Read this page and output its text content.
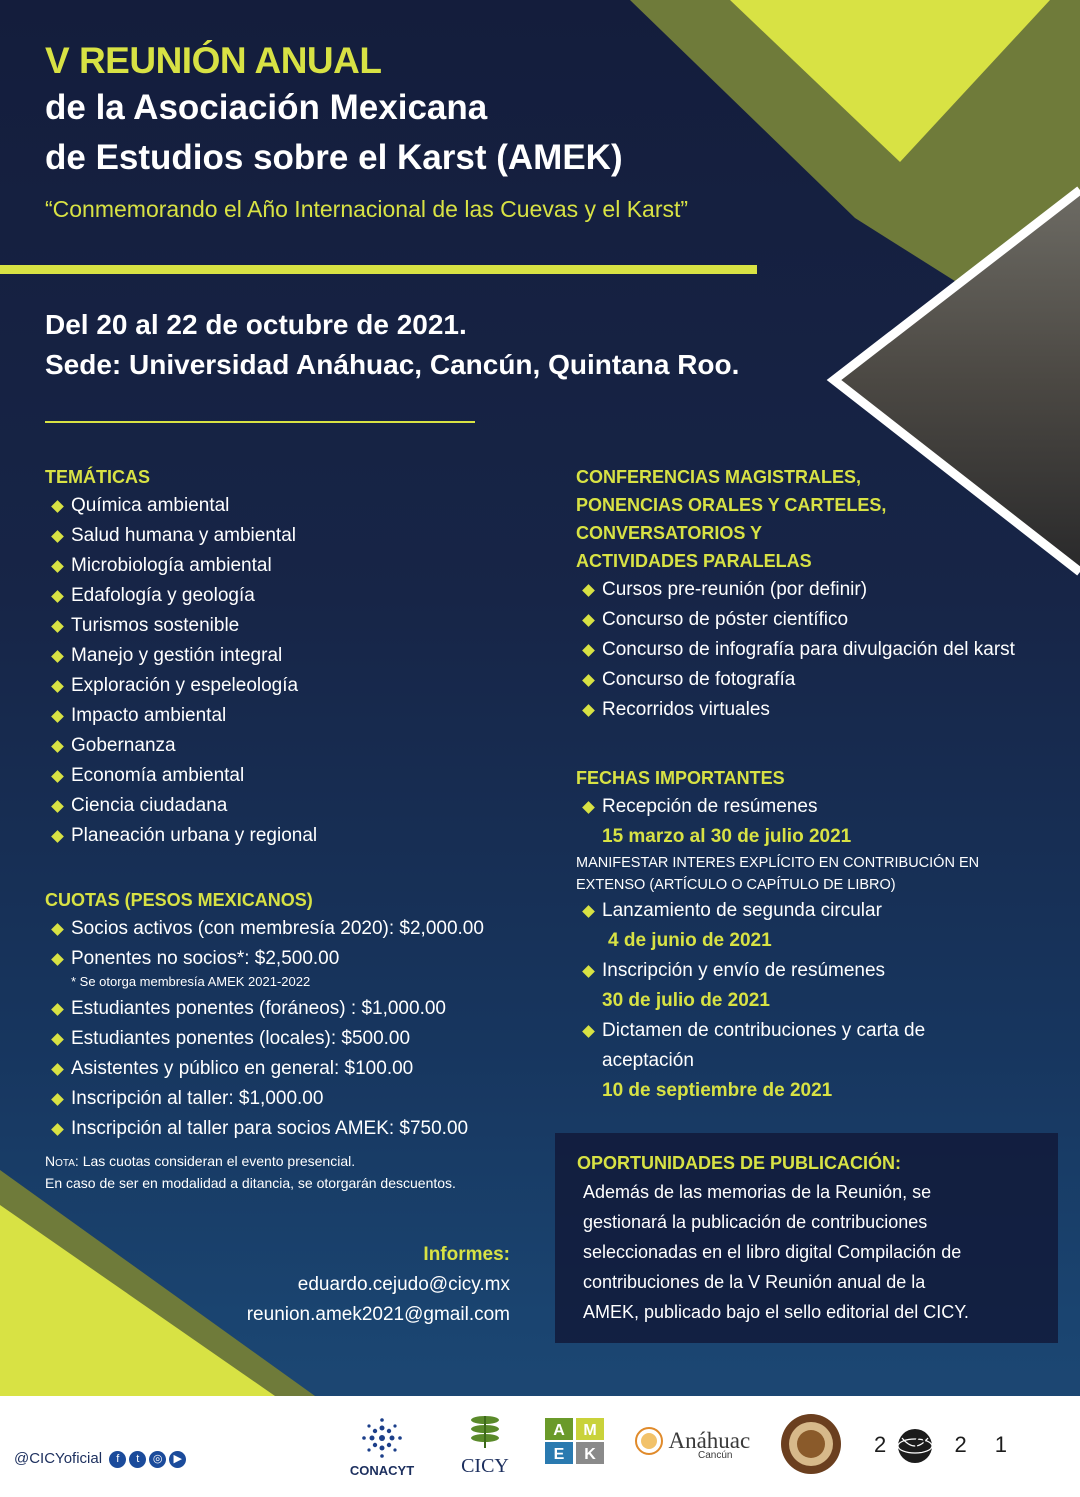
V REUNIÓN ANUAL
de la Asociación Mexicana
de Estudios sobre el Karst (AMEK)
“Conmemorando el Año Internacional de las Cuevas y el Karst”
Del 20 al 22 de octubre de 2021.
Sede: Universidad Anáhuac, Cancún, Quintana Roo.
TEMÁTICAS
Química ambiental
Salud humana y ambiental
Microbiología ambiental
Edafología y geología
Turismos sostenible
Manejo y gestión integral
Exploración y espeleología
Impacto ambiental
Gobernanza
Economía ambiental
Ciencia ciudadana
Planeación urbana y regional
CUOTAS (PESOS MEXICANOS)
Socios activos (con membresía 2020): $2,000.00
Ponentes no socios*: $2,500.00
* Se otorga membresía AMEK 2021-2022
Estudiantes ponentes (foráneos) : $1,000.00
Estudiantes ponentes (locales): $500.00
Asistentes y público en general: $100.00
Inscripción al taller: $1,000.00
Inscripción al taller para socios AMEK: $750.00
Nota: Las cuotas consideran el evento presencial.
En caso de ser en modalidad a ditancia, se otorgarán descuentos.
Informes:
eduardo.cejudo@cicy.mx
reunion.amek2021@gmail.com
CONFERENCIAS MAGISTRALES,
PONENCIAS ORALES Y CARTELES,
CONVERSATORIOS Y
ACTIVIDADES PARALELAS
Cursos pre-reunión (por definir)
Concurso de póster científico
Concurso de infografía para divulgación del karst
Concurso de fotografía
Recorridos virtuales
FECHAS IMPORTANTES
Recepción de resúmenes
15 marzo al 30 de julio 2021
MANIFESTAR INTERES EXPLÍCITO EN CONTRIBUCIÓN EN
EXTENSO (ARTÍCULO O CAPÍTULO DE LIBRO)
Lanzamiento de segunda circular
4 de junio de 2021
Inscripción y envío de resúmenes
30 de julio de 2021
Dictamen de contribuciones y carta de
aceptación
10 de septiembre de 2021
OPORTUNIDADES DE PUBLICACIÓN:
Además de las memorias de la Reunión, se
gestionará la publicación de contribuciones
seleccionadas en el libro digital Compilación de
contribuciones de la V Reunión anual de la
AMEK, publicado bajo el sello editorial del CICY.
@CICYoficial f t ◎ ▶
CONACYT	CICY
A M
E K
Anáhuac
Cancún	2021
